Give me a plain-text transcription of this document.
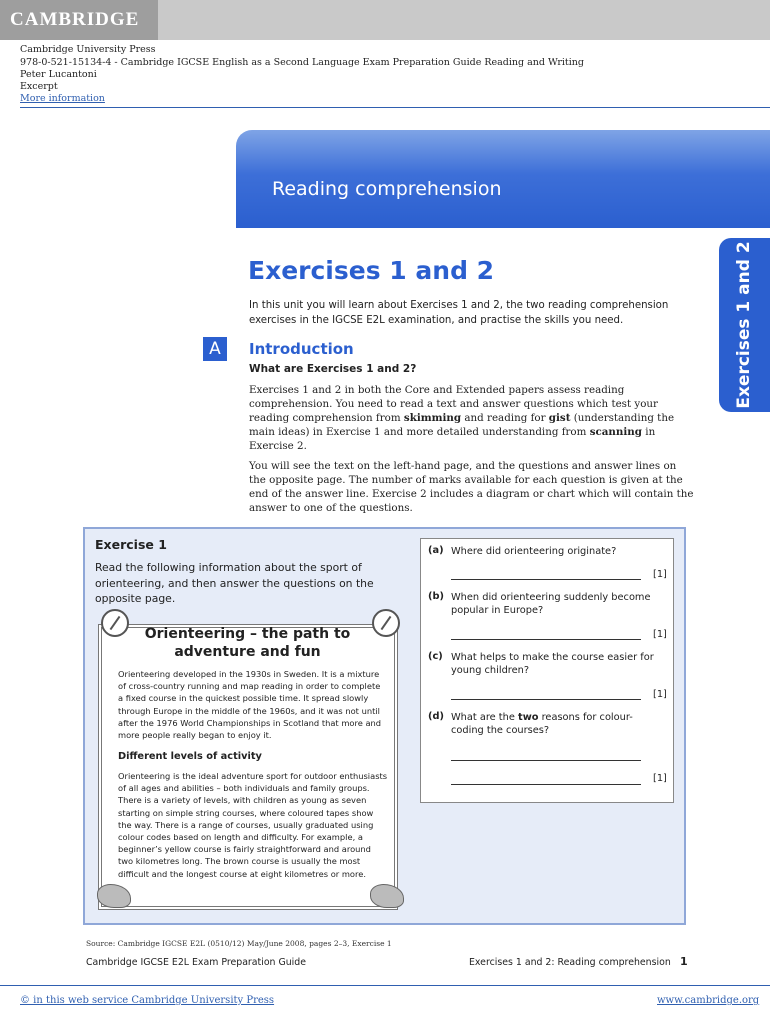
CAMBRIDGE
Cambridge University Press
978-0-521-15134-4 - Cambridge IGCSE English as a Second Language Exam Preparation Guide Reading and Writing
Peter Lucantoni
Excerpt
More information
Reading comprehension
Exercises 1 and 2
Exercises 1 and 2
In this unit you will learn about Exercises 1 and 2, the two reading comprehension exercises in the IGCSE E2L examination, and practise the skills you need.
A	Introduction
What are Exercises 1 and 2?
Exercises 1 and 2 in both the Core and Extended papers assess reading comprehension. You need to read a text and answer questions which test your reading comprehension from skimming and reading for gist (understanding the main ideas) in Exercise 1 and more detailed understanding from scanning in Exercise 2.
You will see the text on the left-hand page, and the questions and answer lines on the opposite page. The number of marks available for each question is given at the end of the answer line. Exercise 2 includes a diagram or chart which will contain the answer to one of the questions.
Exercise 1
Read the following information about the sport of orienteering, and then answer the questions on the opposite page.
Orienteering – the path to
adventure and fun
Orienteering developed in the 1930s in Sweden. It is a mixture of cross-country running and map reading in order to complete a fixed course in the quickest possible time. It spread slowly through Europe in the middle of the 1960s, and it was not until after the 1976 World Championships in Scotland that more and more people really began to enjoy it.
Different levels of activity
Orienteering is the ideal adventure sport for outdoor enthusiasts of all ages and abilities – both individuals and family groups. There is a variety of levels, with children as young as seven starting on simple string courses, where coloured tapes show the way. There is a range of courses, usually graduated using colour codes based on length and difficulty. For example, a beginner’s yellow course is fairly straightforward and around two kilometres long. The brown course is usually the most difficult and the longest course at eight kilometres or more.
(a) Where did orienteering originate?
[1]
(b) When did orienteering suddenly become popular in Europe?
[1]
(c) What helps to make the course easier for young children?
[1]
(d) What are the two reasons for colour-coding the courses?
[1]
Source: Cambridge IGCSE E2L (0510/12) May/June 2008, pages 2–3, Exercise 1
Cambridge IGCSE E2L Exam Preparation Guide	Exercises 1 and 2: Reading comprehension 1
© in this web service Cambridge University Press	www.cambridge.org
